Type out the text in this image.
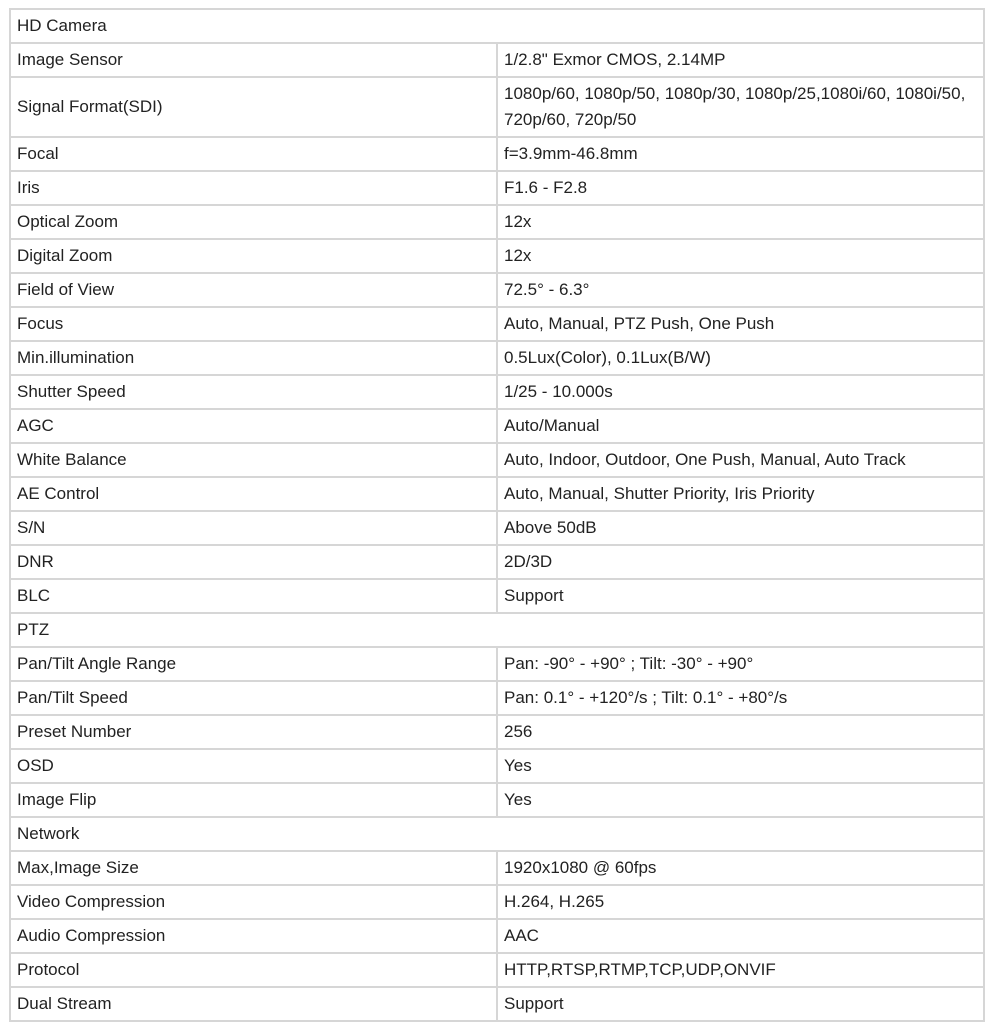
HD Camera	
Image Sensor	1/2.8" Exmor CMOS, 2.14MP
Signal Format(SDI)	1080p/60, 1080p/50, 1080p/30, 1080p/25,1080i/60, 1080i/50, 720p/60, 720p/50
Focal	f=3.9mm-46.8mm
Iris	F1.6 - F2.8
Optical Zoom	12x
Digital Zoom	12x
Field of View	72.5° - 6.3°
Focus	Auto, Manual, PTZ Push, One Push
Min.illumination	0.5Lux(Color), 0.1Lux(B/W)
Shutter Speed	1/25 - 10.000s
AGC	Auto/Manual
White Balance	Auto, Indoor, Outdoor, One Push, Manual, Auto Track
AE Control	Auto, Manual, Shutter Priority, Iris Priority
S/N	Above 50dB
DNR	2D/3D
BLC	Support
PTZ	
Pan/Tilt Angle Range	Pan: -90° - +90° ; Tilt: -30° - +90°
Pan/Tilt Speed	Pan: 0.1° - +120°/s ; Tilt: 0.1° - +80°/s
Preset Number	256
OSD	Yes
Image Flip	Yes
Network	
Max,Image Size	1920x1080 @ 60fps
Video Compression	H.264, H.265
Audio Compression	AAC
Protocol	HTTP,RTSP,RTMP,TCP,UDP,ONVIF
Dual Stream	Support
